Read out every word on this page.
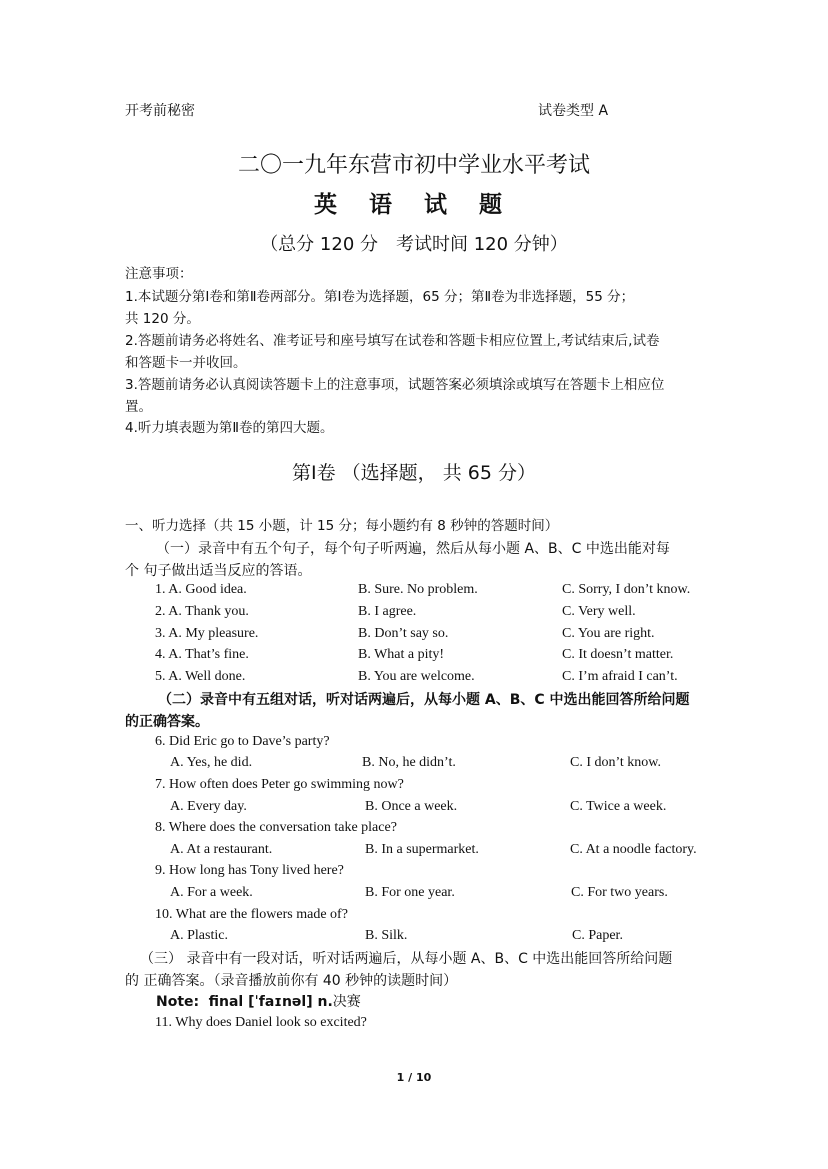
开考前秘密	试卷类型 A
二〇一九年东营市初中学业水平考试
英 语 试 题
（总分 120 分　考试时间 120 分钟）
注意事项：
1.本试题分第Ⅰ卷和第Ⅱ卷两部分。第Ⅰ卷为选择题，65 分；第Ⅱ卷为非选择题，55 分；
共 120 分。
2.答题前请务必将姓名、准考证号和座号填写在试卷和答题卡相应位置上,考试结束后,试卷
和答题卡一并收回。
3.答题前请务必认真阅读答题卡上的注意事项，试题答案必须填涂或填写在答题卡上相应位
置。
4.听力填表题为第Ⅱ卷的第四大题。
第Ⅰ卷 （选择题， 共 65 分）
一、听力选择（共 15 小题，计 15 分；每小题约有 8 秒钟的答题时间）
（一）录音中有五个句子，每个句子听两遍，然后从每小题 A、B、C 中选出能对每
个 句子做出适当反应的答语。
1. A. Good idea.	B. Sure. No problem.	C. Sorry, I don’t know.
2. A. Thank you.	B. I agree.	C. Very well.
3. A. My pleasure.	B. Don’t say so.	C. You are right.
4. A. That’s fine.	B. What a pity!	C. It doesn’t matter.
5. A. Well done.	B. You are welcome.	C. I’m afraid I can’t.
（二）录音中有五组对话，听对话两遍后，从每小题 A、B、C 中选出能回答所给问题
的正确答案。
6. Did Eric go to Dave’s party?
A. Yes, he did.	B. No, he didn’t.	C. I don’t know.
7. How often does Peter go swimming now?
A. Every day.	B. Once a week.	C. Twice a week.
8. Where does the conversation take place?
A. At a restaurant.	B. In a supermarket.	C. At a noodle factory.
9. How long has Tony lived here?
A. For a week.	B. For one year.	C. For two years.
10. What are the flowers made of?
A. Plastic.	B. Silk.	C. Paper.
（三） 录音中有一段对话，听对话两遍后，从每小题 A、B、C 中选出能回答所给问题
的 正确答案。（录音播放前你有 40 秒钟的读题时间）
Note: final [ˈfaɪnəl] n.决赛
11. Why does Daniel look so excited?
1 / 10
